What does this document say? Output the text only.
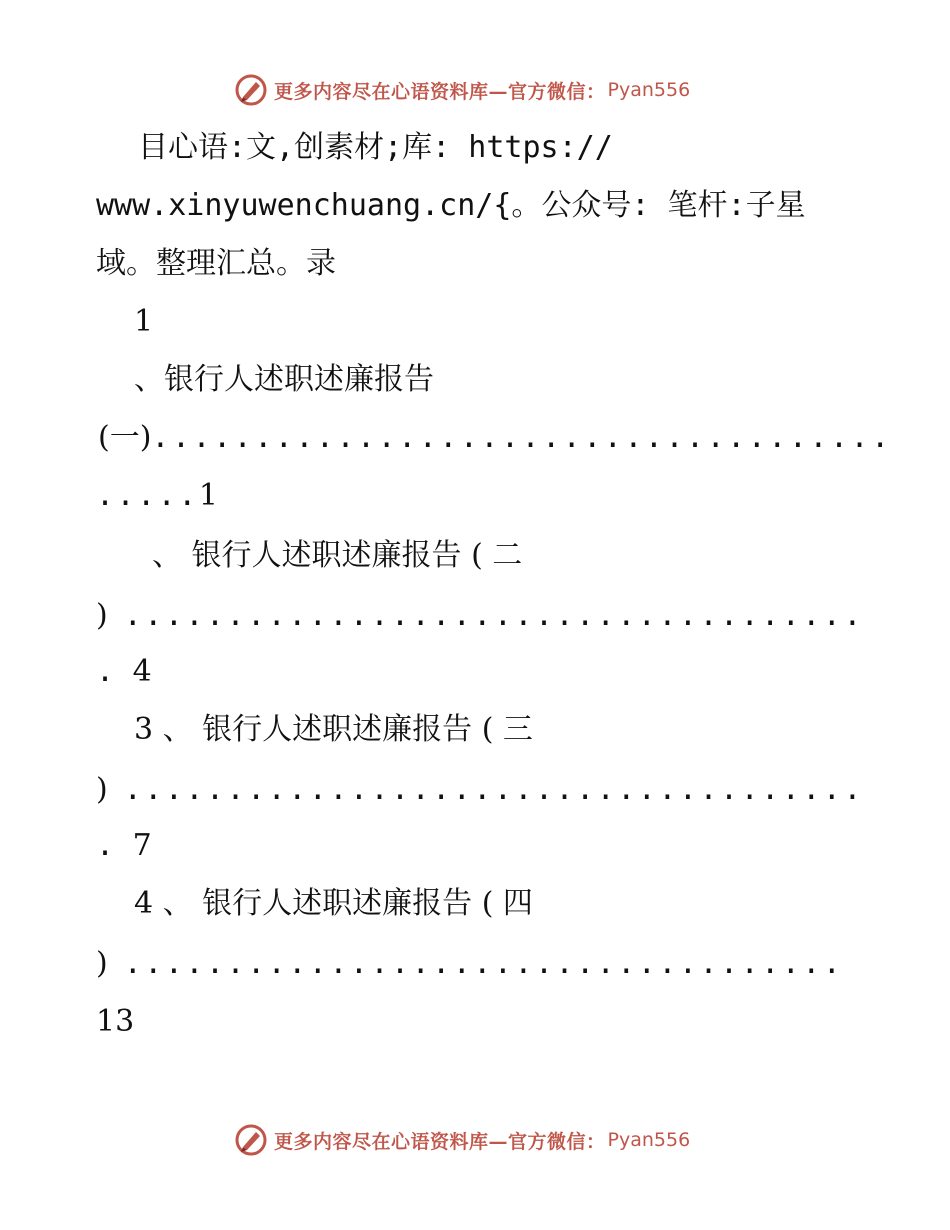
更多内容尽在心语资料库—官方微信： Pyan556
目心语:文,创素材;库: https://
www.xinyuwenchuang.cn/{。公众号: 笔杆:子星
域。整理汇总。录
1
、银行人述职述廉报告
(一)....................................
.....1
、 银行人述职述廉报告 ( 二
) ....................................
. 4
3 、 银行人述职述廉报告 ( 三
) ....................................
. 7
4 、 银行人述职述廉报告 ( 四
) ...................................
13
更多内容尽在心语资料库—官方微信： Pyan556
